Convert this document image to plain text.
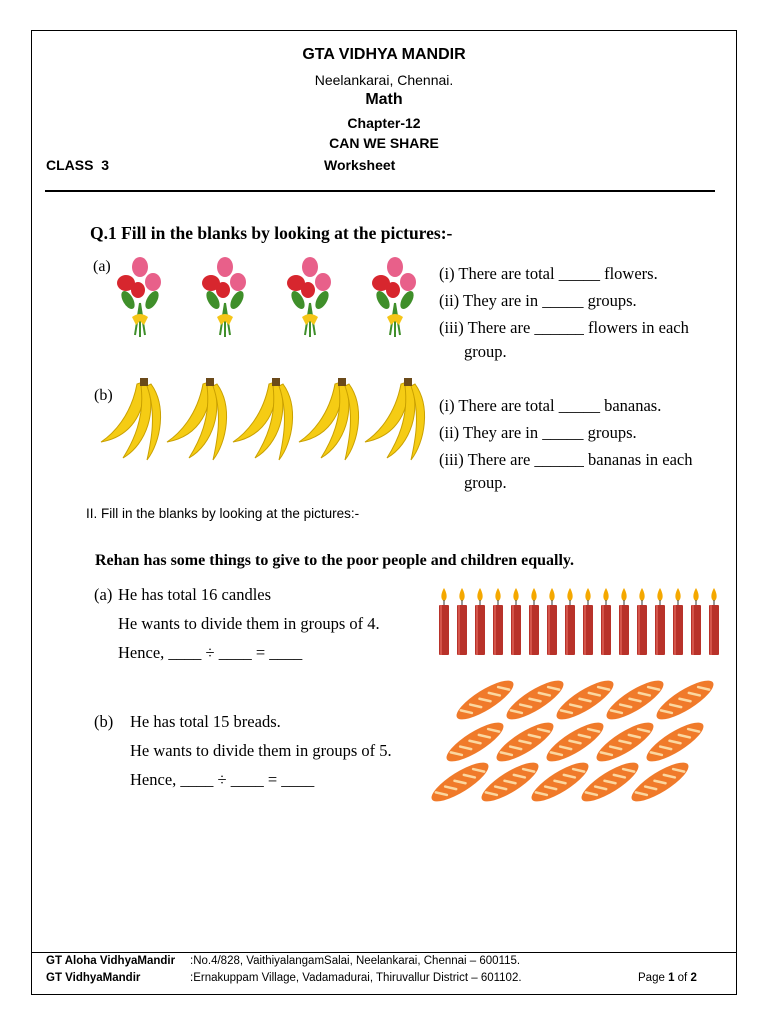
GTA VIDHYA MANDIR
Neelankarai, Chennai.
Math
Chapter-12
CAN WE SHARE
CLASS  3	Worksheet
Q.1 Fill in the blanks by looking at the pictures:-
(a)	(i) There are total _____ flowers.
(ii) They are in _____ groups.
(iii) There are ______ flowers in each
group.
(b)
(i) There are total _____ bananas.
(ii) They are in _____ groups.
(iii) There are ______ bananas in each
group.
II. Fill in the blanks by looking at the pictures:-
Rehan has some things to give to the poor people and children equally.
(a) He has total 16 candles
He wants to divide them in groups of 4.
Hence, ____ ÷ ____ = ____
(b) He has total 15 breads.
He wants to divide them in groups of 5.
Hence, ____ ÷ ____ = ____
GT Aloha VidhyaMandir :No.4/828, VaithiyalangamSalai, Neelankarai, Chennai – 600115.
GT VidhyaMandir	:Ernakuppam Village, Vadamadurai, Thiruvallur District – 601102.	Page 1 of 2
